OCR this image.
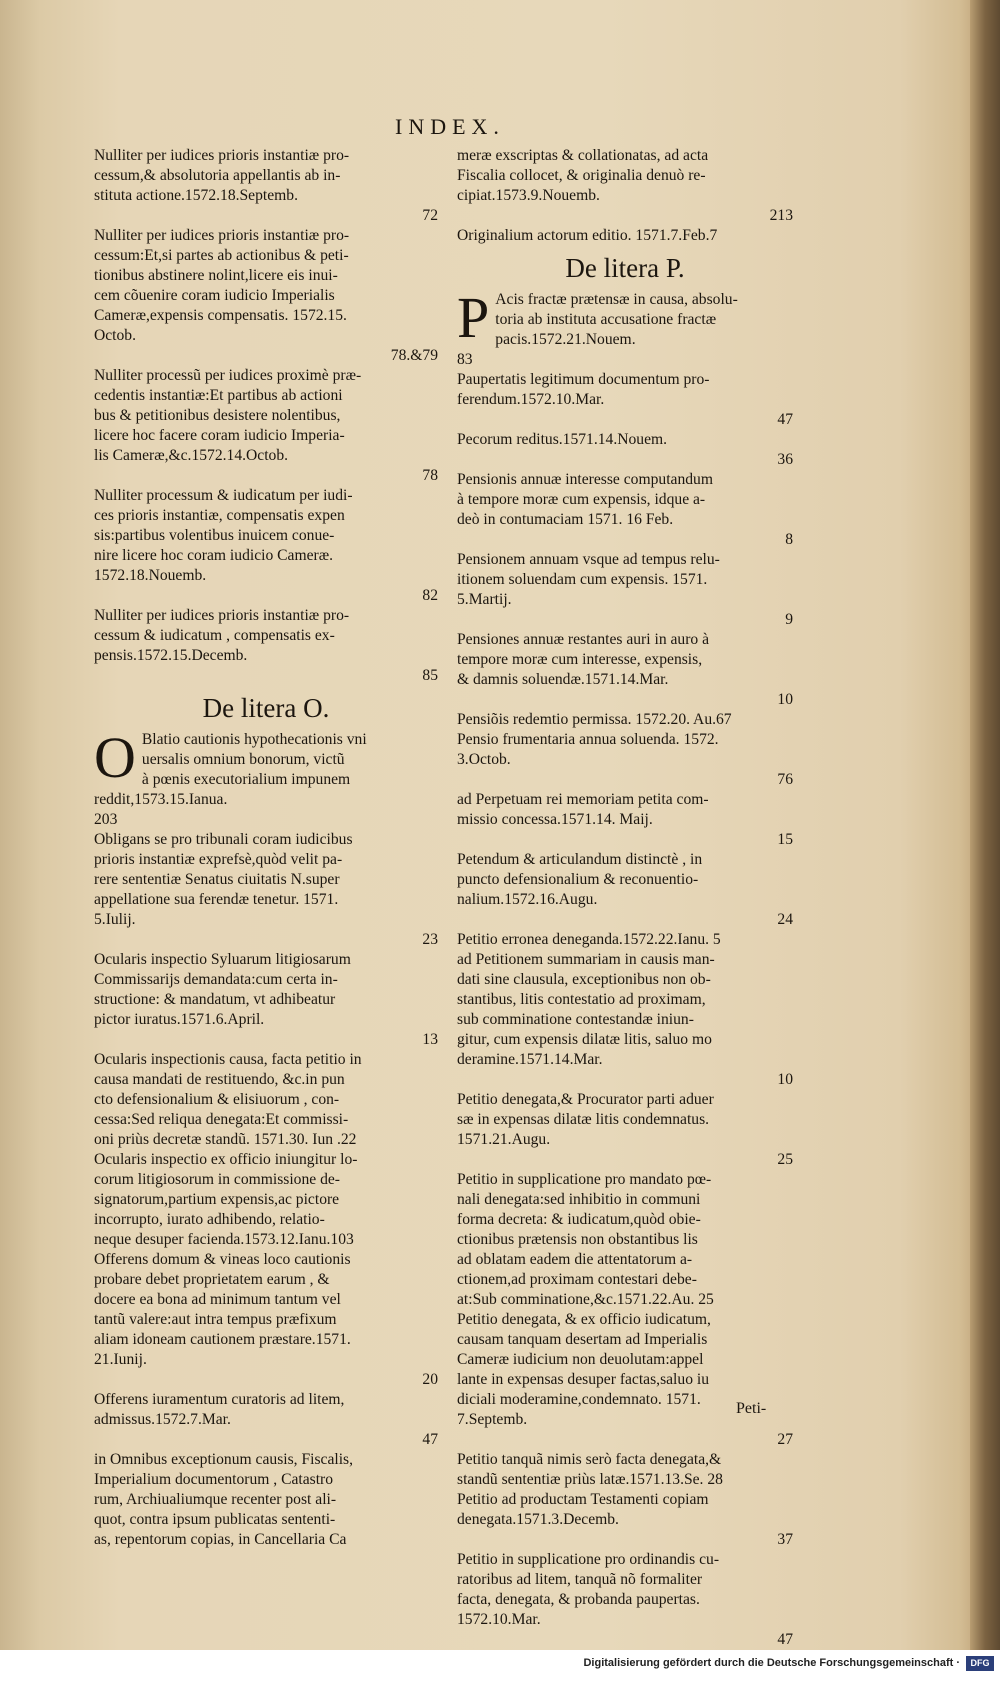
INDEX.
Nulliter per iudices prioris instantiæ pro-
cessum,& absolutoria appellantis ab in-
stituta actione.1572.18.Septemb.
72
Nulliter per iudices prioris instantiæ pro-
cessum:Et,si partes ab actionibus & peti-
tionibus abstinere nolint,licere eis inui-
cem cõuenire coram iudicio Imperialis
Cameræ,expensis compensatis. 1572.15.
Octob.
78.&79
Nulliter processũ per iudices proximè præ-
cedentis instantiæ:Et partibus ab actioni
bus & petitionibus desistere nolentibus,
licere hoc facere coram iudicio Imperia-
lis Cameræ,&c.1572.14.Octob.
78
Nulliter processum & iudicatum per iudi-
ces prioris instantiæ, compensatis expen
sis:partibus volentibus inuicem conue-
nire licere hoc coram iudicio Cameræ.
1572.18.Nouemb.
82
Nulliter per iudices prioris instantiæ pro-
cessum & iudicatum , compensatis ex-
pensis.1572.15.Decemb.
85
De litera O.
O Blatio cautionis hypothecationis vni
uersalis omnium bonorum, victũ
à pœnis executorialium impunem
reddit,1573.15.Ianua.
203
Obligans se pro tribunali coram iudicibus
prioris instantiæ exprefsè,quòd velit pa-
rere sententiæ Senatus ciuitatis N.super
appellatione sua ferendæ tenetur. 1571.
5.Iulij.
23
Ocularis inspectio Syluarum litigiosarum
Commissarijs demandata:cum certa in-
structione: & mandatum, vt adhibeatur
pictor iuratus.1571.6.April.
13
Ocularis inspectionis causa, facta petitio in
causa mandati de restituendo, &c.in pun
cto defensionalium & elisiuorum , con-
cessa:Sed reliqua denegata:Et commissi-
oni priùs decretæ standũ. 1571.30. Iun .22
Ocularis inspectio ex officio iniungitur lo-
corum litigiosorum in commissione de-
signatorum,partium expensis,ac pictore
incorrupto, iurato adhibendo, relatio-
neque desuper facienda.1573.12.Ianu.103
Offerens domum & vineas loco cautionis
probare debet proprietatem earum , &
docere ea bona ad minimum tantum vel
tantũ valere:aut intra tempus præfixum
aliam idoneam cautionem præstare.1571.
21.Iunij.
20
Offerens iuramentum curatoris ad litem,
admissus.1572.7.Mar.
47
in Omnibus exceptionum causis, Fiscalis,
Imperialium documentorum , Catastro
rum, Archiualiumque recenter post ali-
quot, contra ipsum publicatas sententi-
as, repentorum copias, in Cancellaria Ca
meræ exscriptas & collationatas, ad acta
Fiscalia collocet, & originalia denuò re-
cipiat.1573.9.Nouemb.
213
Originalium actorum editio. 1571.7.Feb.7
De litera P.
P Acis fractæ prætensæ in causa, absolu-
toria ab instituta accusatione fractæ
pacis.1572.21.Nouem.
83
Paupertatis legitimum documentum pro-
ferendum.1572.10.Mar.
47
Pecorum reditus.1571.14.Nouem.
36
Pensionis annuæ interesse computandum
à tempore moræ cum expensis, idque a-
deò in contumaciam 1571. 16 Feb.
8
Pensionem annuam vsque ad tempus relu-
itionem soluendam cum expensis. 1571.
5.Martij.
9
Pensiones annuæ restantes auri in auro à
tempore moræ cum interesse, expensis,
& damnis soluendæ.1571.14.Mar.
10
Pensiõis redemtio permissa. 1572.20. Au.67
Pensio frumentaria annua soluenda. 1572.
3.Octob.
76
ad Perpetuam rei memoriam petita com-
missio concessa.1571.14. Maij.
15
Petendum & articulandum distinctè , in
puncto defensionalium & reconuentio-
nalium.1572.16.Augu.
24
Petitio erronea deneganda.1572.22.Ianu. 5
ad Petitionem summariam in causis man-
dati sine clausula, exceptionibus non ob-
stantibus, litis contestatio ad proximam,
sub comminatione contestandæ iniun-
gitur, cum expensis dilatæ litis, saluo mo
deramine.1571.14.Mar.
10
Petitio denegata,& Procurator parti aduer
sæ in expensas dilatæ litis condemnatus.
1571.21.Augu.
25
Petitio in supplicatione pro mandato pœ-
nali denegata:sed inhibitio in communi
forma decreta: & iudicatum,quòd obie-
ctionibus prætensis non obstantibus lis
ad oblatam eadem die attentatorum a-
ctionem,ad proximam contestari debe-
at:Sub comminatione,&c.1571.22.Au. 25
Petitio denegata, & ex officio iudicatum,
causam tanquam desertam ad Imperialis
Cameræ iudicium non deuolutam:appel
lante in expensas desuper factas,saluo iu
diciali moderamine,condemnato. 1571.
7.Septemb.
27
Petitio tanquã nimis serò facta denegata,&
standũ sententiæ priùs latæ.1571.13.Se. 28
Petitio ad productam Testamenti copiam
denegata.1571.3.Decemb.
37
Petitio in supplicatione pro ordinandis cu-
ratoribus ad litem, tanquã nõ formaliter
facta, denegata, & probanda paupertas.
1572.10.Mar.
47
Peti-
Digitalisierung gefördert durch die Deutsche Forschungsgemeinschaft ·	DFG
